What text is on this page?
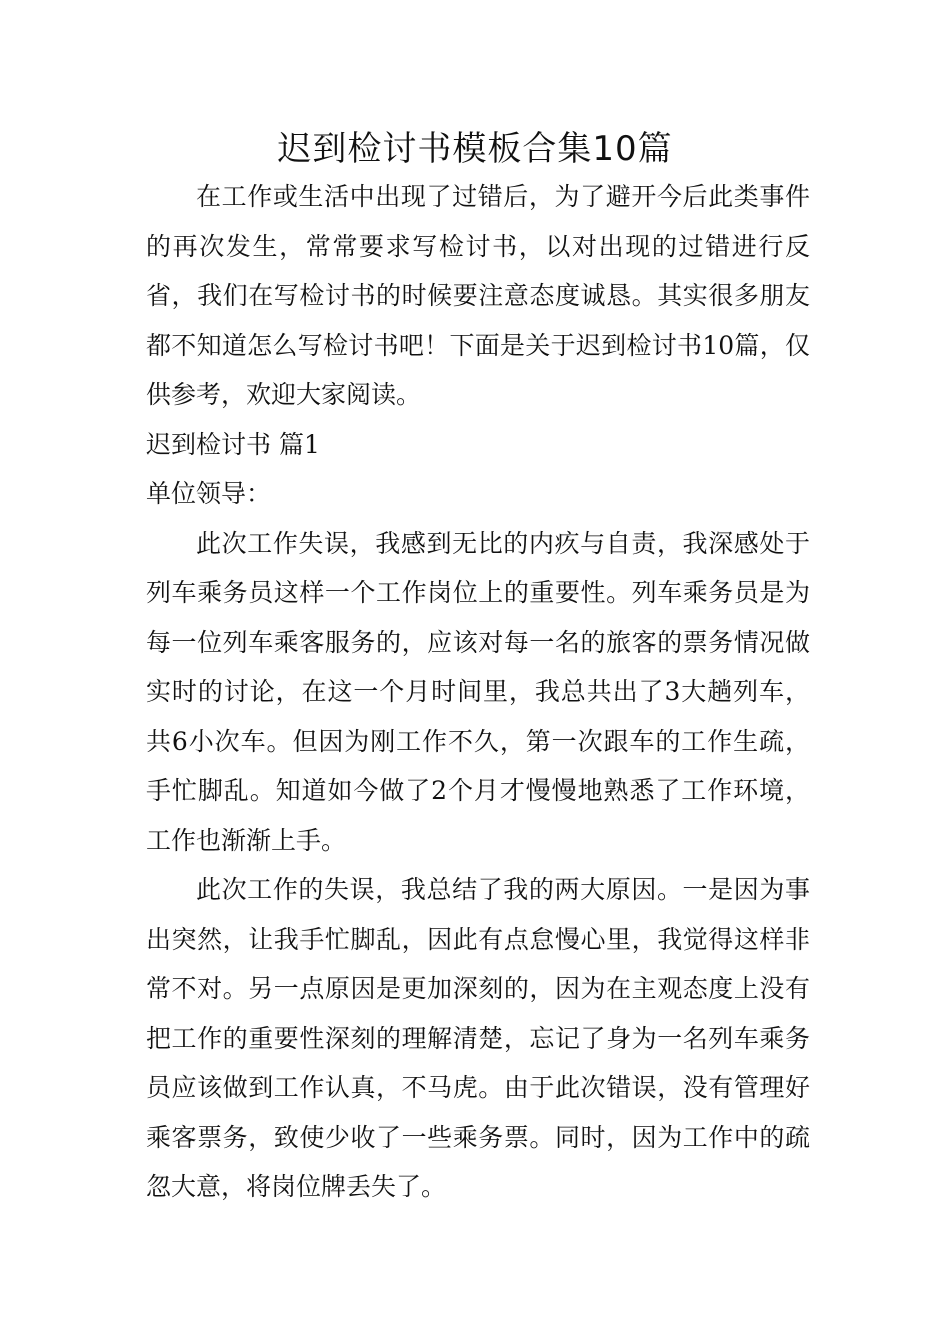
迟到检讨书模板合集10篇

在工作或生活中出现了过错后，为了避开今后此类事件的再次发生，常常要求写检讨书，以对出现的过错进行反省，我们在写检讨书的时候要注意态度诚恳。其实很多朋友都不知道怎么写检讨书吧！下面是关于迟到检讨书10篇，仅供参考，欢迎大家阅读。

迟到检讨书 篇1

单位领导：

此次工作失误，我感到无比的内疚与自责，我深感处于列车乘务员这样一个工作岗位上的重要性。列车乘务员是为每一位列车乘客服务的，应该对每一名的旅客的票务情况做实时的讨论，在这一个月时间里，我总共出了3大趟列车，共6小次车。但因为刚工作不久，第一次跟车的工作生疏，手忙脚乱。知道如今做了2个月才慢慢地熟悉了工作环境，工作也渐渐上手。

此次工作的失误，我总结了我的两大原因。一是因为事出突然，让我手忙脚乱，因此有点怠慢心里，我觉得这样非常不对。另一点原因是更加深刻的，因为在主观态度上没有把工作的重要性深刻的理解清楚，忘记了身为一名列车乘务员应该做到工作认真，不马虎。由于此次错误，没有管理好乘客票务，致使少收了一些乘务票。同时，因为工作中的疏忽大意，将岗位牌丢失了。
